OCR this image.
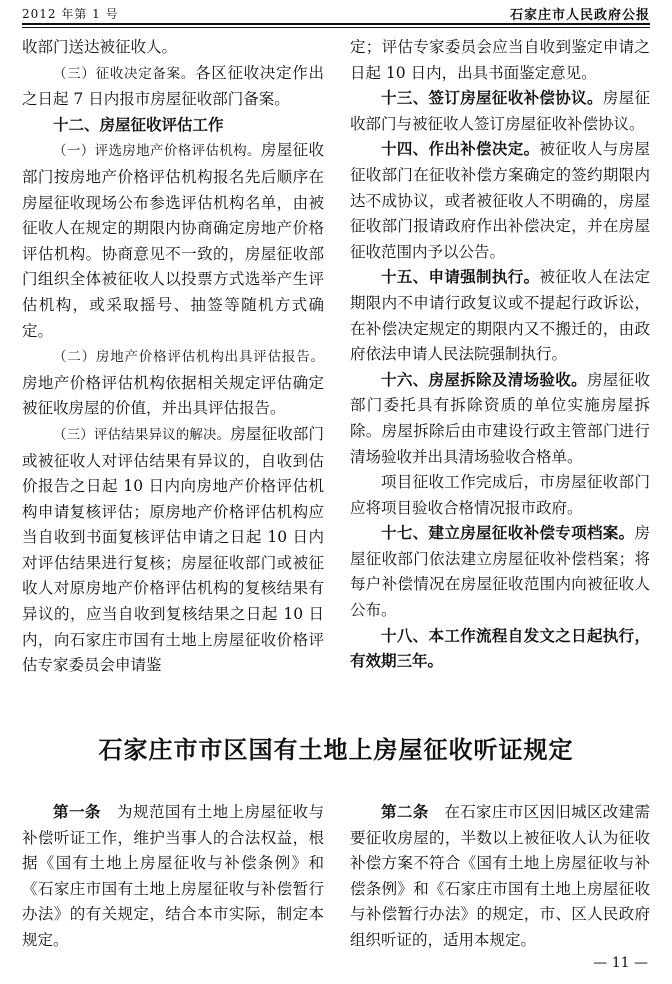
2012 年第 1 号	石家庄市人民政府公报

收部门送达被征收人。

（三）征收决定备案。各区征收决定作出之日起 7 日内报市房屋征收部门备案。

十二、房屋征收评估工作

（一）评选房地产价格评估机构。房屋征收部门按房地产价格评估机构报名先后顺序在房屋征收现场公布参选评估机构名单，由被征收人在规定的期限内协商确定房地产价格评估机构。协商意见不一致的，房屋征收部门组织全体被征收人以投票方式选举产生评估机构，或采取摇号、抽签等随机方式确定。

（二）房地产价格评估机构出具评估报告。房地产价格评估机构依据相关规定评估确定被征收房屋的价值，并出具评估报告。

（三）评估结果异议的解决。房屋征收部门或被征收人对评估结果有异议的，自收到估价报告之日起 10 日内向房地产价格评估机构申请复核评估；原房地产价格评估机构应当自收到书面复核评估申请之日起 10 日内对评估结果进行复核；房屋征收部门或被征收人对原房地产价格评估机构的复核结果有异议的，应当自收到复核结果之日起 10 日内，向石家庄市国有土地上房屋征收价格评估专家委员会申请鉴

定；评估专家委员会应当自收到鉴定申请之日起 10 日内，出具书面鉴定意见。

十三、签订房屋征收补偿协议。房屋征收部门与被征收人签订房屋征收补偿协议。

十四、作出补偿决定。被征收人与房屋征收部门在征收补偿方案确定的签约期限内达不成协议，或者被征收人不明确的，房屋征收部门报请政府作出补偿决定，并在房屋征收范围内予以公告。

十五、申请强制执行。被征收人在法定期限内不申请行政复议或不提起行政诉讼，在补偿决定规定的期限内又不搬迁的，由政府依法申请人民法院强制执行。

十六、房屋拆除及清场验收。房屋征收部门委托具有拆除资质的单位实施房屋拆除。房屋拆除后由市建设行政主管部门进行清场验收并出具清场验收合格单。

项目征收工作完成后，市房屋征收部门应将项目验收合格情况报市政府。

十七、建立房屋征收补偿专项档案。房屋征收部门依法建立房屋征收补偿档案；将每户补偿情况在房屋征收范围内向被征收人公布。

十八、本工作流程自发文之日起执行，有效期三年。

石家庄市市区国有土地上房屋征收听证规定

第一条 为规范国有土地上房屋征收与补偿听证工作，维护当事人的合法权益，根据《国有土地上房屋征收与补偿条例》和《石家庄市国有土地上房屋征收与补偿暂行办法》的有关规定，结合本市实际，制定本规定。

第二条 在石家庄市区因旧城区改建需要征收房屋的，半数以上被征收人认为征收补偿方案不符合《国有土地上房屋征收与补偿条例》和《石家庄市国有土地上房屋征收与补偿暂行办法》的规定，市、区人民政府组织听证的，适用本规定。

— 11 —
